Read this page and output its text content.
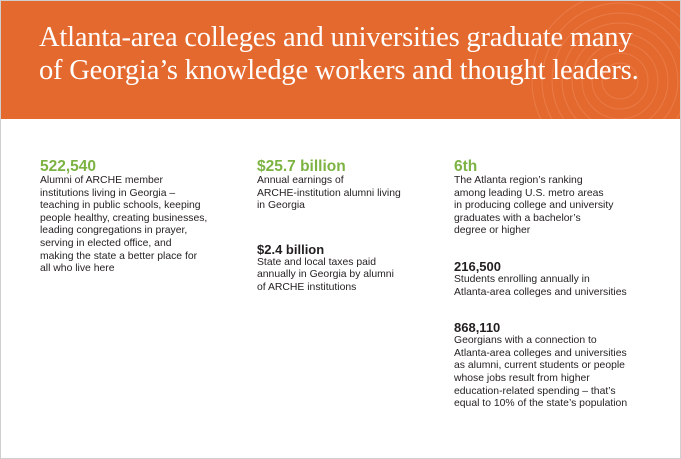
Atlanta-area colleges and universities graduate many of Georgia’s knowledge workers and thought leaders.

522,540

Alumni of ARCHE member
institutions living in Georgia –
teaching in public schools, keeping
people healthy, creating businesses,
leading congregations in prayer,
serving in elected office, and
making the state a better place for
all who live here

$25.7 billion

Annual earnings of
ARCHE-institution alumni living
in Georgia

$2.4 billion

State and local taxes paid
annually in Georgia by alumni
of ARCHE institutions

6th

The Atlanta region’s ranking
among leading U.S. metro areas
in producing college and university
graduates with a bachelor’s
degree or higher

216,500

Students enrolling annually in
Atlanta-area colleges and universities

868,110

Georgians with a connection to
Atlanta-area colleges and universities
as alumni, current students or people
whose jobs result from higher
education-related spending – that’s
equal to 10% of the state’s population
